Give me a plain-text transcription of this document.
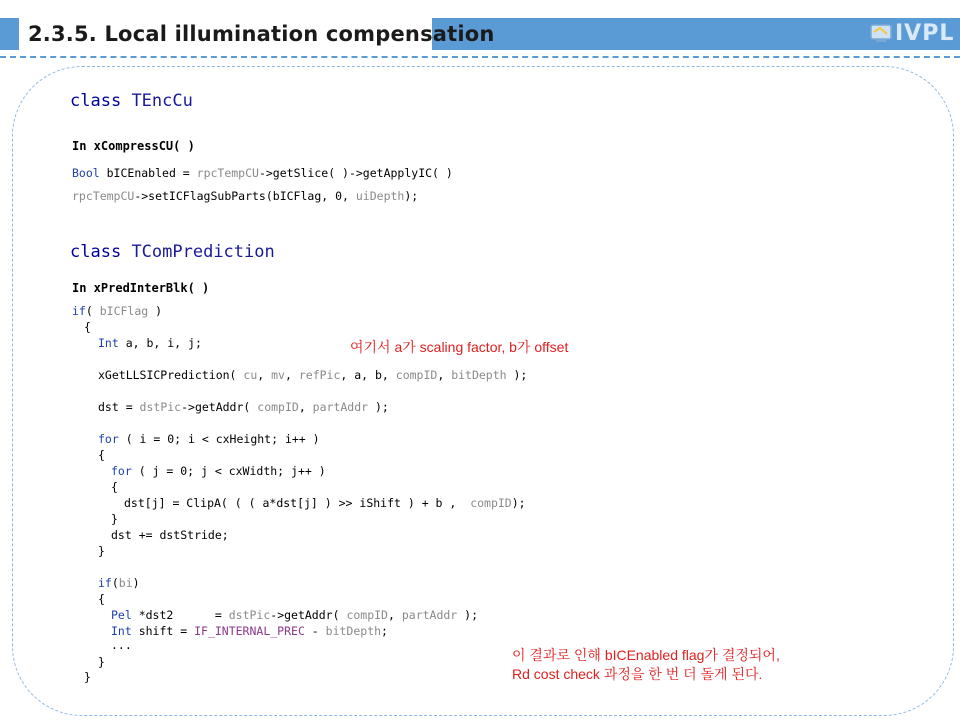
2.3.5. Local illumination compensation	IVPL
class TEncCu
In xCompressCU( )
Bool bICEnabled = rpcTempCU->getSlice( )->getApplyIC( )
rpcTempCU->setICFlagSubParts(bICFlag, 0, uiDepth);
class TComPrediction
In xPredInterBlk( )
if( bICFlag )
{
Int a, b, i, j;
xGetLLSICPrediction( cu, mv, refPic, a, b, compID, bitDepth );
dst = dstPic->getAddr( compID, partAddr );
for ( i = 0; i < cxHeight; i++ )
{
for ( j = 0; j < cxWidth; j++ )
{
dst[j] = ClipA( ( ( a*dst[j] ) >> iShift ) + b ,  compID);
}
dst += dstStride;
}
if(bi)
{
Pel *dst2      = dstPic->getAddr( compID, partAddr );
Int shift = IF_INTERNAL_PREC - bitDepth;
...
}
}
여기서 a가 scaling factor, b가 offset
이 결과로 인해 bICEnabled flag가 결정되어,
Rd cost check 과정을 한 번 더 돌게 된다.
